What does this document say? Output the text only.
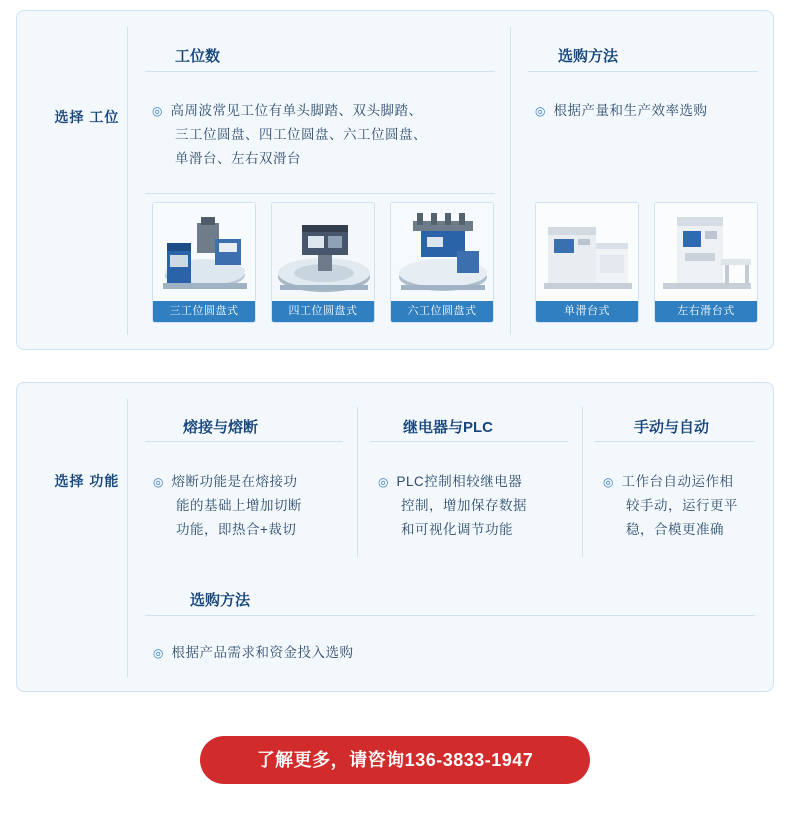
选择 工位
工位数	选购方法
◎ 高周波常见工位有单头脚踏、双头脚踏、
三工位圆盘、四工位圆盘、六工位圆盘、
单滑台、左右双滑台
◎ 根据产量和生产效率选购
三工位圆盘式	四工位圆盘式	六工位圆盘式	单滑台式	左右滑台式
选择 功能
熔接与熔断	继电器与PLC	手动与自动
◎ 熔断功能是在熔接功
能的基础上增加切断
功能，即热合+裁切
◎ PLC控制相较继电器
控制，增加保存数据
和可视化调节功能
◎ 工作台自动运作相
较手动，运行更平
稳，合模更准确
选购方法
◎ 根据产品需求和资金投入选购
了解更多，请咨询136-3833-1947
